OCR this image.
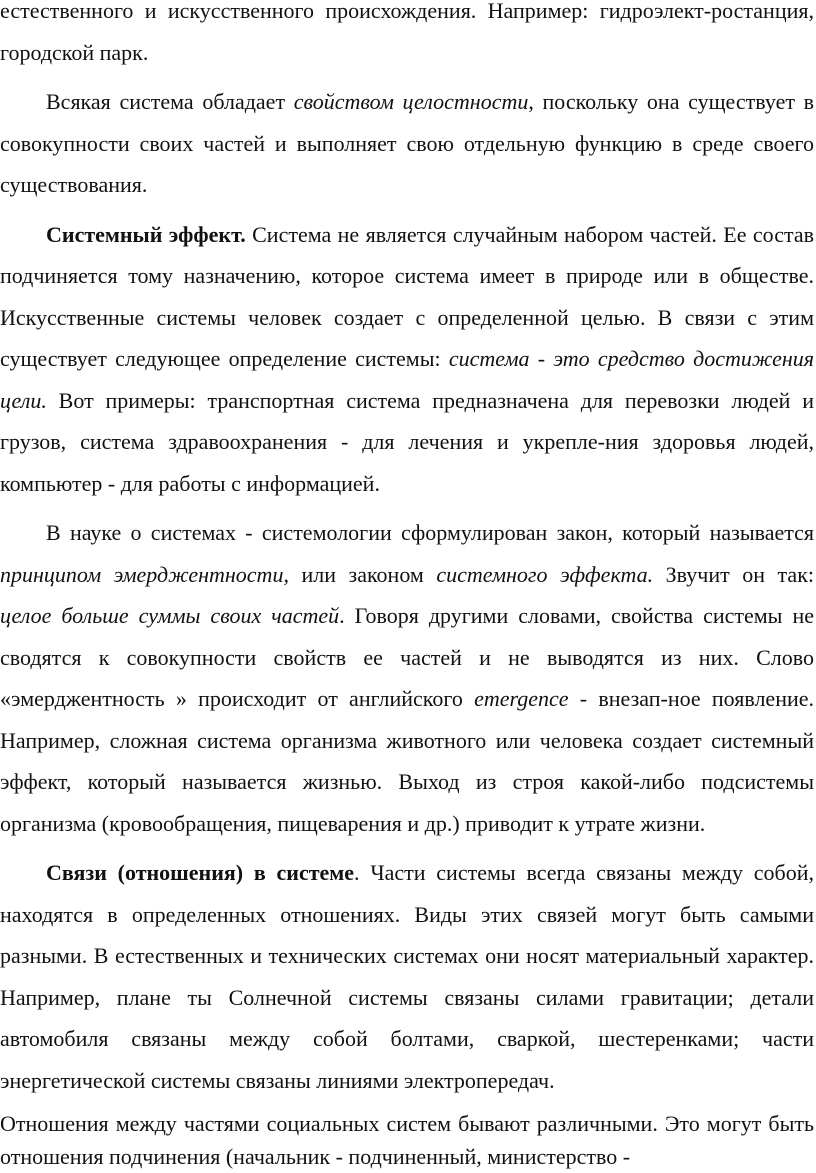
естественного и искусственного происхождения. Например: гидроэлект-ростанция, городской парк.

Всякая система обладает свойством целостности, поскольку она существует в совокупности своих частей и выполняет свою отдельную функцию в среде своего существования.

Системный эффект. Система не является случайным набором частей. Ее состав подчиняется тому назначению, которое система имеет в природе или в обществе. Искусственные системы человек создает с определенной целью. В связи с этим существует следующее определение системы: система - это средство достижения цели. Вот примеры: транспортная система предназначена для перевозки людей и грузов, система здравоохранения - для лечения и укрепле-ния здоровья людей, компьютер - для работы с информацией.

В науке о системах - системологии сформулирован закон, который называется принципом эмерджентности, или законом системного эффекта. Звучит он так: целое больше суммы своих частей. Говоря другими словами, свойства системы не сводятся к совокупности свойств ее частей и не выводятся из них. Слово «эмерджентность » происходит от английского emergence - внезап-ное появление. Например, сложная система организма животного или человека создает системный эффект, который называется жизнью. Выход из строя какой-либо подсистемы организма (кровообращения, пищеварения и др.) приводит к утрате жизни.

Связи (отношения) в системе. Части системы всегда связаны между собой, находятся в определенных отношениях. Виды этих связей могут быть самыми разными. В естественных и технических системах они носят материальный характер. Например, плане ты Солнечной системы связаны силами гравитации; детали автомобиля связаны между собой болтами, сваркой, шестеренками; части энергетической системы связаны линиями электропередач.

Отношения между частями социальных систем бывают различными. Это могут быть отношения подчинения (начальник - подчиненный, министерство -
